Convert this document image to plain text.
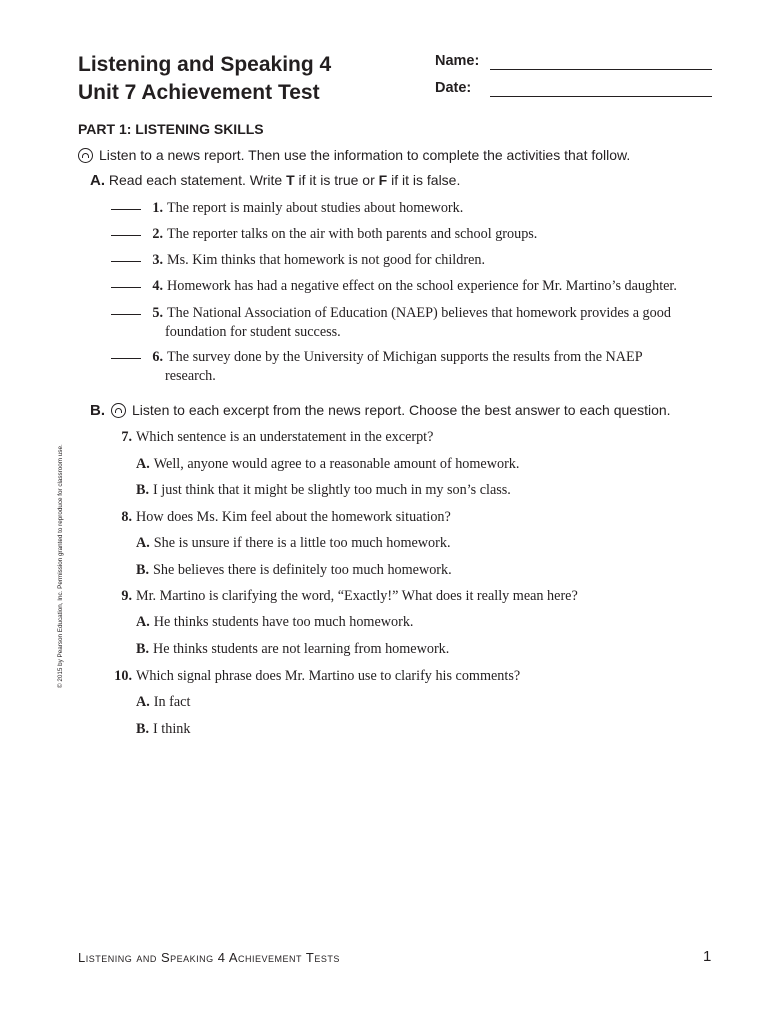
Listening and Speaking 4
Unit 7 Achievement Test
Name:
Date:
PART 1: LISTENING SKILLS
Listen to a news report. Then use the information to complete the activities that follow.
A. Read each statement. Write T if it is true or F if it is false.
1. The report is mainly about studies about homework.
2. The reporter talks on the air with both parents and school groups.
3. Ms. Kim thinks that homework is not good for children.
4. Homework has had a negative effect on the school experience for Mr. Martino’s daughter.
5. The National Association of Education (NAEP) believes that homework provides a good
foundation for student success.
6. The survey done by the University of Michigan supports the results from the NAEP
research.
B. Listen to each excerpt from the news report. Choose the best answer to each question.
7. Which sentence is an understatement in the excerpt?
A. Well, anyone would agree to a reasonable amount of homework.
B. I just think that it might be slightly too much in my son’s class.
8. How does Ms. Kim feel about the homework situation?
A. She is unsure if there is a little too much homework.
B. She believes there is definitely too much homework.
9. Mr. Martino is clarifying the word, “Exactly!” What does it really mean here?
A. He thinks students have too much homework.
B. He thinks students are not learning from homework.
10. Which signal phrase does Mr. Martino use to clarify his comments?
A. In fact
B. I think
© 2015 by Pearson Education, Inc. Permission granted to reproduce for classroom use.
Listening and Speaking 4 Achievement Tests	1
